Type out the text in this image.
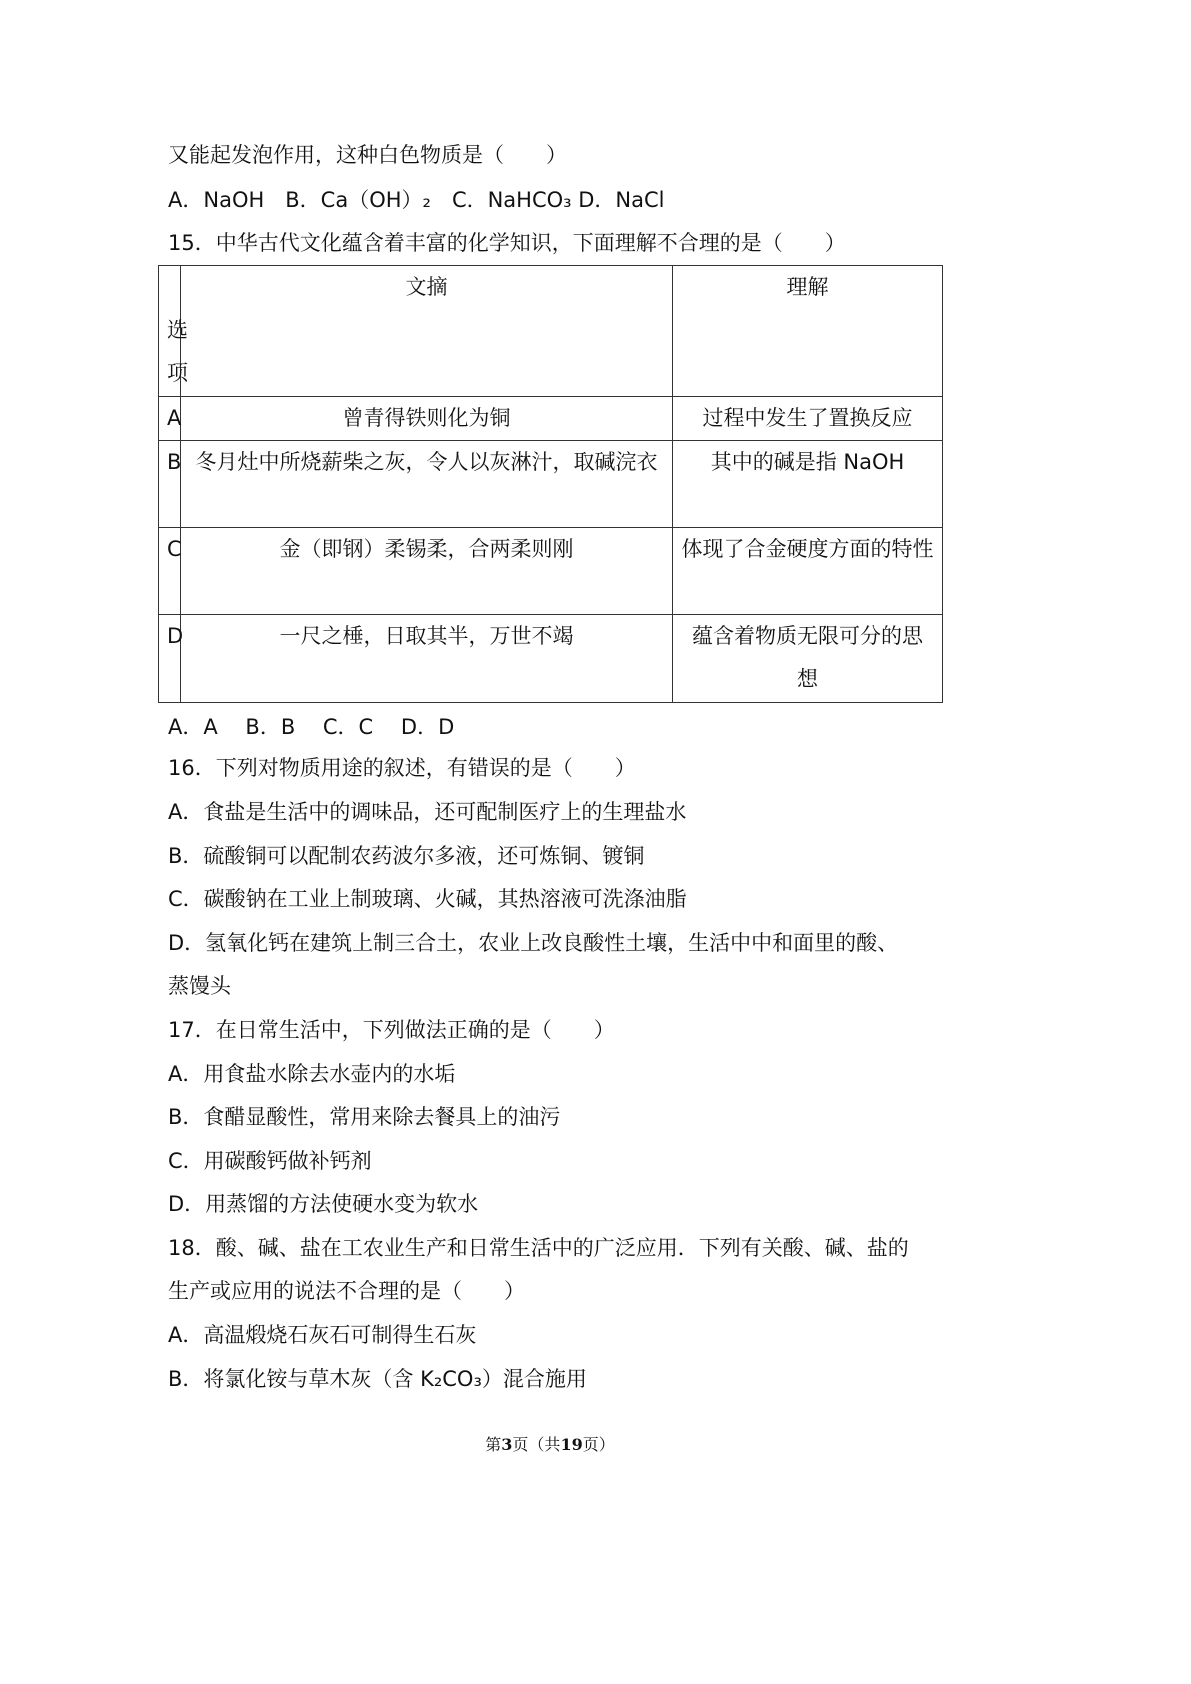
又能起发泡作用，这种白色物质是（　　）
A．NaOH　B．Ca（OH）₂　C．NaHCO₃ D．NaCl
15．中华古代文化蕴含着丰富的化学知识，下面理解不合理的是（　　）
选项	文摘	理解
A	曾青得铁则化为铜	过程中发生了置换反应
B	冬月灶中所烧薪柴之灰，令人以灰淋汁，取碱浣衣	其中的碱是指 NaOH
C	金（即钢）柔锡柔，合两柔则刚	体现了合金硬度方面的特性
D	一尺之棰，日取其半，万世不竭	蕴含着物质无限可分的思想
A．A　 B．B　 C．C　 D．D
16．下列对物质用途的叙述，有错误的是（　　）
A．食盐是生活中的调味品，还可配制医疗上的生理盐水
B．硫酸铜可以配制农药波尔多液，还可炼铜、镀铜
C．碳酸钠在工业上制玻璃、火碱，其热溶液可洗涤油脂
D．氢氧化钙在建筑上制三合土，农业上改良酸性土壤，生活中中和面里的酸、
蒸馒头
17．在日常生活中，下列做法正确的是（　　）
A．用食盐水除去水壶内的水垢
B．食醋显酸性，常用来除去餐具上的油污
C．用碳酸钙做补钙剂
D．用蒸馏的方法使硬水变为软水
18．酸、碱、盐在工农业生产和日常生活中的广泛应用．下列有关酸、碱、盐的
生产或应用的说法不合理的是（　　）
A．高温煅烧石灰石可制得生石灰
B．将氯化铵与草木灰（含 K₂CO₃）混合施用
第3页（共19页）
